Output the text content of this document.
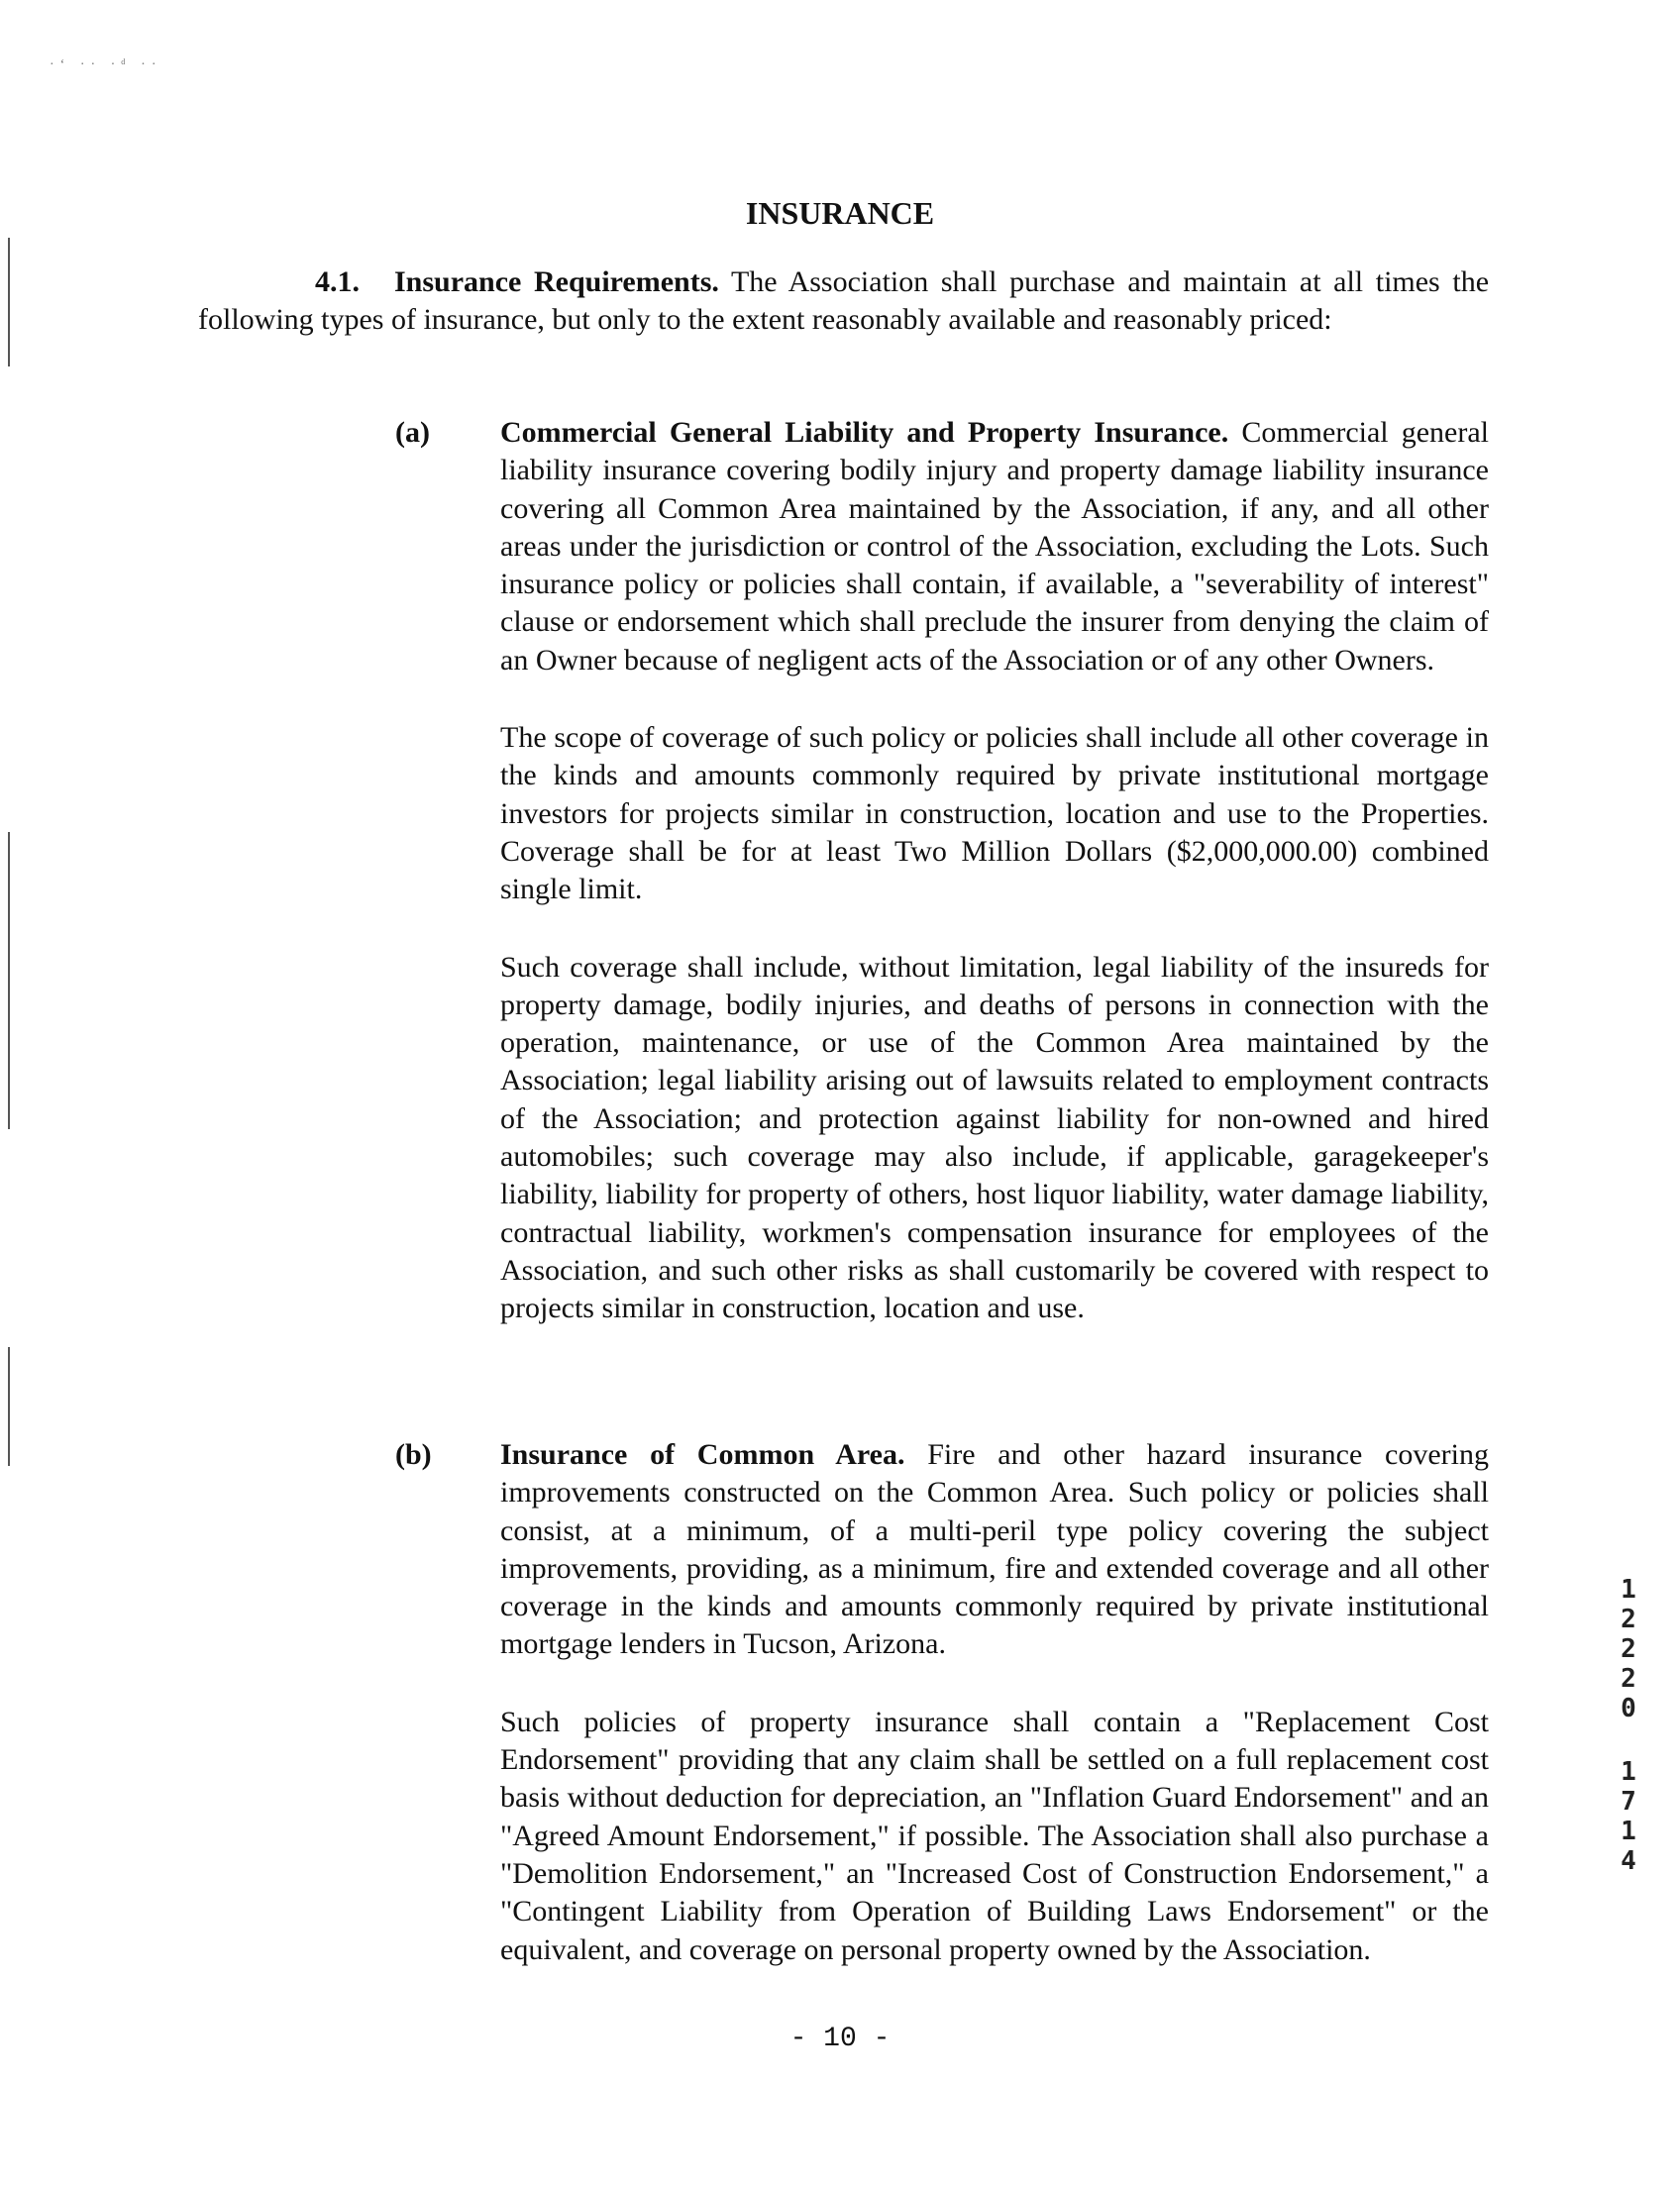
·‘ ·· ·ᵈ ··
INSURANCE

4.1. Insurance Requirements. The Association shall purchase and maintain at all times the following types of insurance, but only to the extent reasonably available and reasonably priced:

(a) Commercial General Liability and Property Insurance. Commercial general liability insurance covering bodily injury and property damage liability insurance covering all Common Area maintained by the Association, if any, and all other areas under the jurisdiction or control of the Association, excluding the Lots. Such insurance policy or policies shall contain, if available, a "severability of interest" clause or endorsement which shall preclude the insurer from denying the claim of an Owner because of negligent acts of the Association or of any other Owners.

The scope of coverage of such policy or policies shall include all other coverage in the kinds and amounts commonly required by private institutional mortgage investors for projects similar in construction, location and use to the Properties. Coverage shall be for at least Two Million Dollars ($2,000,000.00) combined single limit.

Such coverage shall include, without limitation, legal liability of the insureds for property damage, bodily injuries, and deaths of persons in connection with the operation, maintenance, or use of the Common Area maintained by the Association; legal liability arising out of lawsuits related to employment contracts of the Association; and protection against liability for non-owned and hired automobiles; such coverage may also include, if applicable, garagekeeper's liability, liability for property of others, host liquor liability, water damage liability, contractual liability, workmen's compensation insurance for employees of the Association, and such other risks as shall customarily be covered with respect to projects similar in construction, location and use.

(b) Insurance of Common Area. Fire and other hazard insurance covering improvements constructed on the Common Area. Such policy or policies shall consist, at a minimum, of a multi-peril type policy covering the subject improvements, providing, as a minimum, fire and extended coverage and all other coverage in the kinds and amounts commonly required by private institutional mortgage lenders in Tucson, Arizona.

Such policies of property insurance shall contain a "Replacement Cost Endorsement" providing that any claim shall be settled on a full replacement cost basis without deduction for depreciation, an "Inflation Guard Endorsement" and an "Agreed Amount Endorsement," if possible. The Association shall also purchase a "Demolition Endorsement," an "Increased Cost of Construction Endorsement," a "Contingent Liability from Operation of Building Laws Endorsement" or the equivalent, and coverage on personal property owned by the Association.

1
2
2
2
0
1
7
1
4
- 10 -
